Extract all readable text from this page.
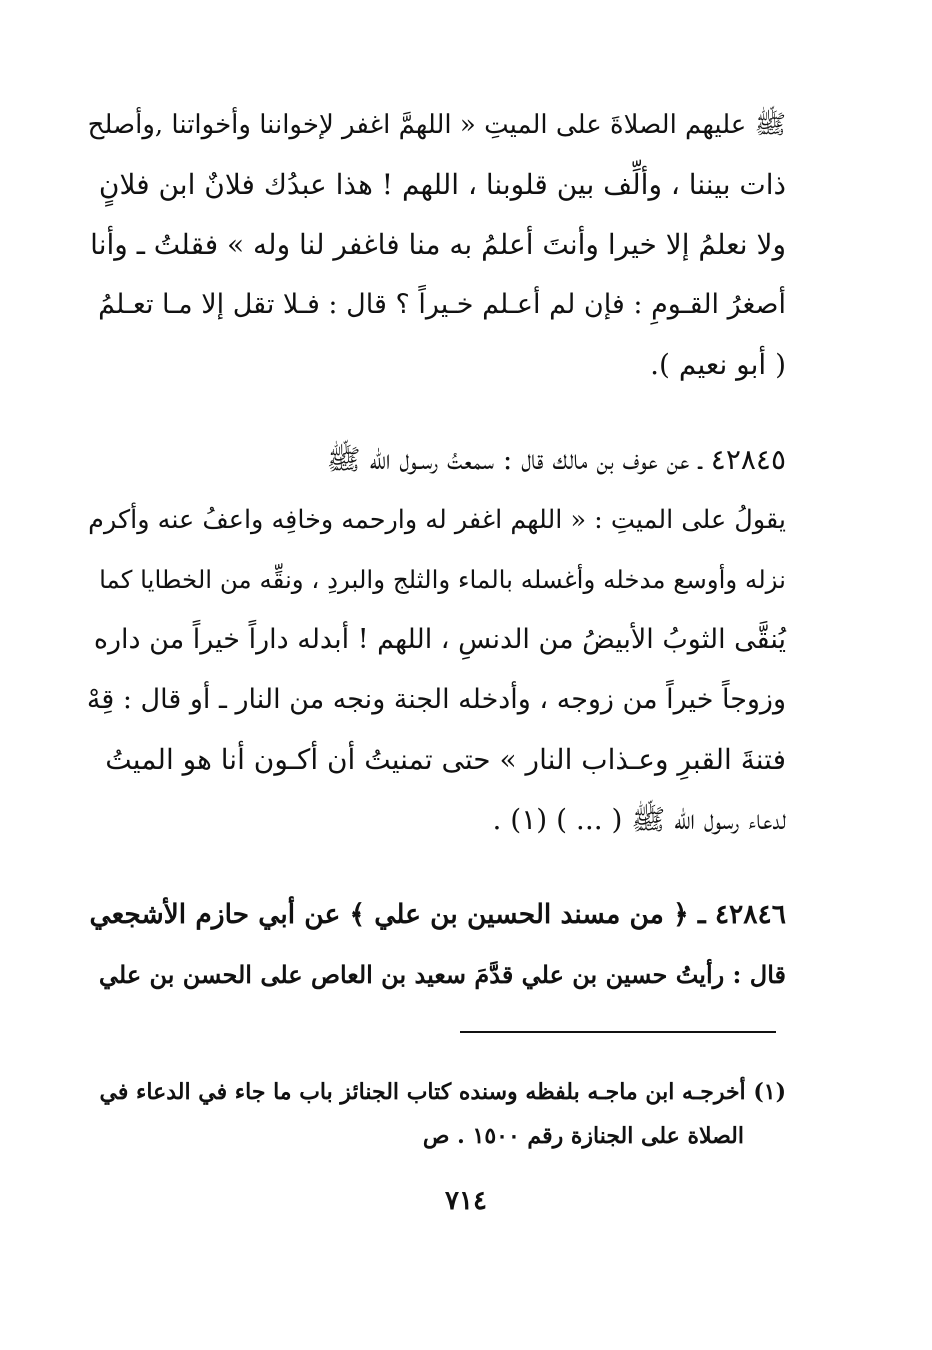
ﷺ عليهم الصلاةَ على الميتِ « اللهمَّ اغفر لإخواننا وأخواتنا ,وأصلح
ذات بيننا ، وألِّف بين قلوبنا ، اللهم ! هذا عبدُك فلانٌ ابن فلانٍ
ولا نعلمُ إلا خيرا وأنتَ أعلمُ به منا فاغفر لنا وله » فقلتُ ـ وأنا
أصغرُ القـومِ : فإن لم أعـلم خـيراً ؟ قال : فـلا تقل إلا مـا تعـلمُ
( أبو نعيم ).
٤٢٨٤٥ ـ عن عوف بن مالك قال : سمعتُ رسـول الله ﷺ
يقولُ على الميتِ : « اللهم اغفر له وارحمه وخافِه واعفُ عنه وأكرم
نزله وأوسع مدخله وأغسله بالماء والثلج والبردِ ، ونقِّه من الخطايا كما
يُنقَّى الثوبُ الأبيضُ من الدنسِ ، اللهم ! أبدله داراً خيراً من داره
وزوجاً خيراً من زوجه ، وأدخله الجنة ونجه من النار ـ أو قال : قِهْ
فتنةَ القبرِ وعـذاب النار » حتى تمنيتُ أن أكـون أنا هو الميتُ
لدعاء رسول الله ﷺ ( ... ) (١) .
٤٢٨٤٦ ـ ﴿ من مسند الحسين بن علي ﴾ عن أبي حازم الأشجعي
قال : رأيتُ حسين بن علي قدَّمَ سعيد بن العاص على الحسن بن علي
(١) أخرجـه ابن ماجـه بلفظه وسنده كتاب الجنائز باب ما جاء في الدعاء في
الصلاة على الجنازة رقم ١٥٠٠ . ص
٧١٤
